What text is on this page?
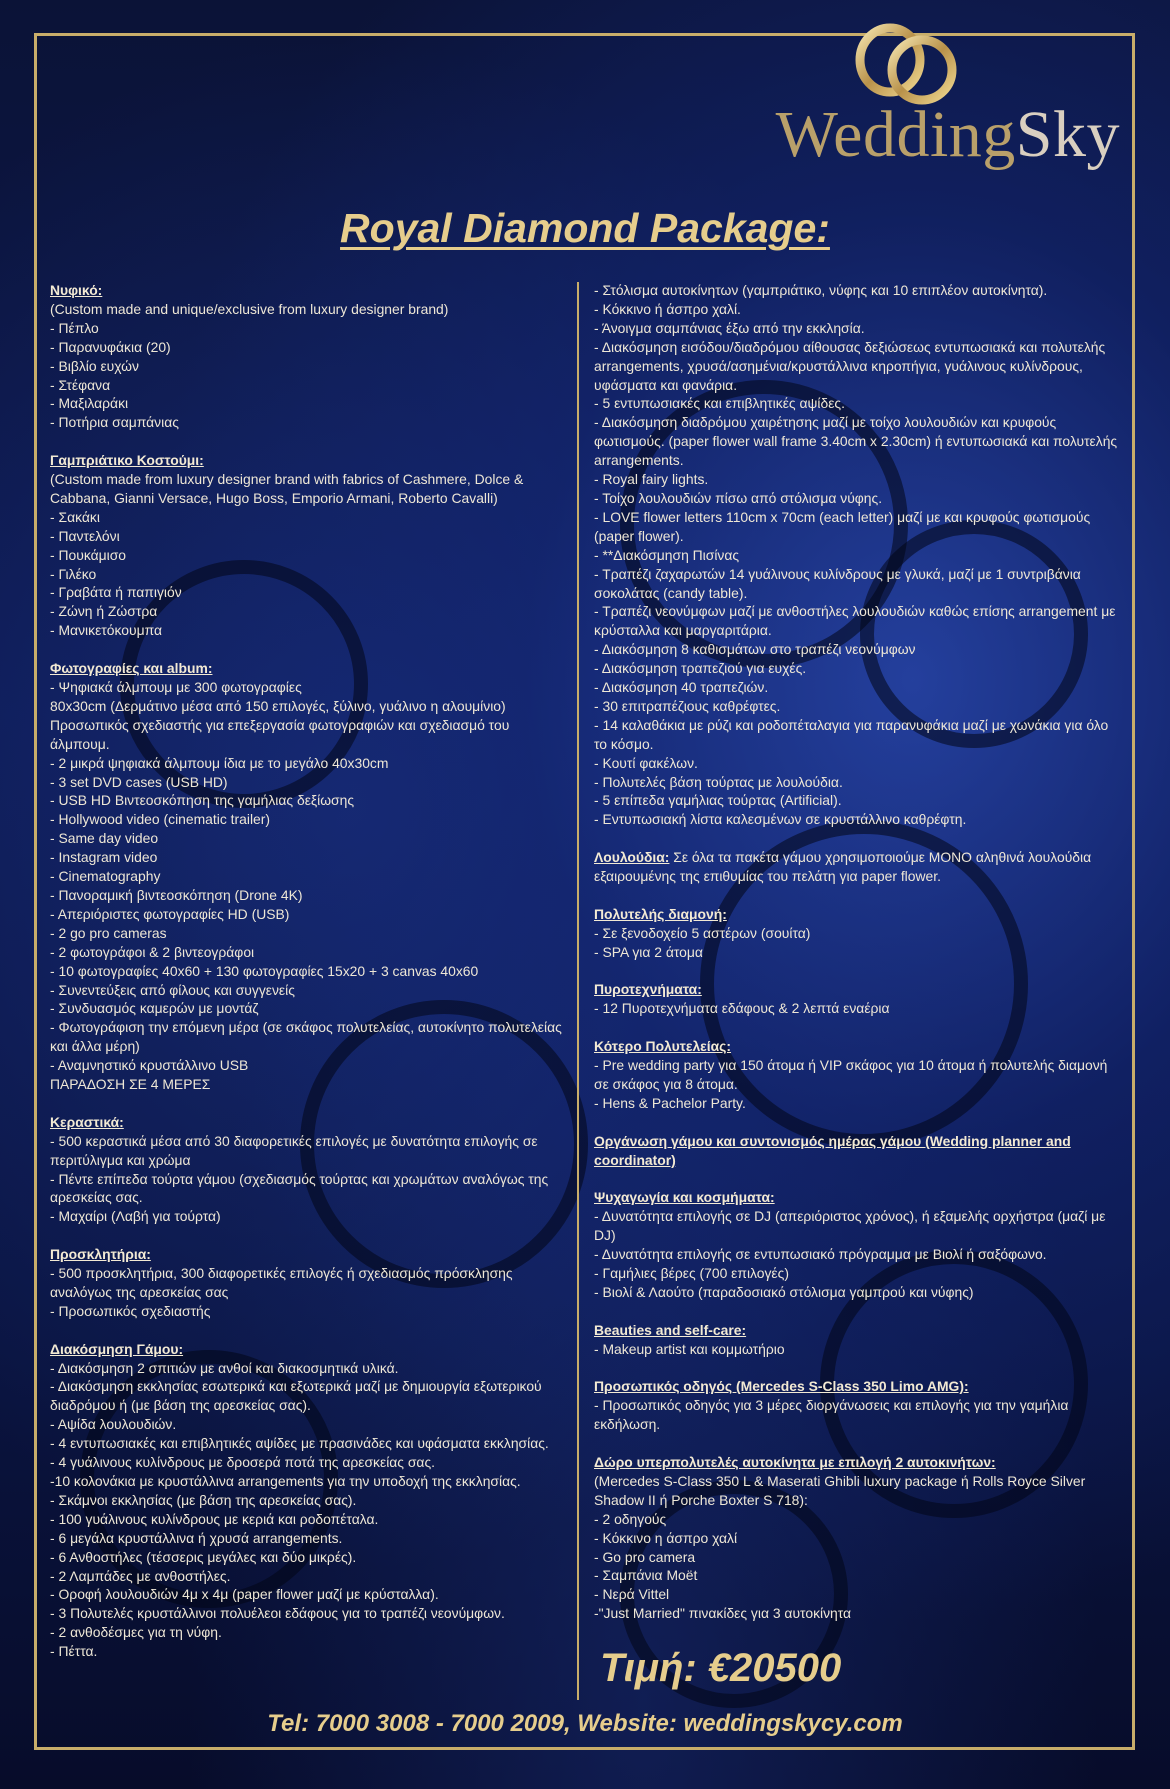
WeddingSky
Royal Diamond Package:
Νυφικό:
(Custom made and unique/exclusive from luxury designer brand)
- Πέπλο
- Παρανυφάκια (20)
- Βιβλίο ευχών
- Στέφανα
- Μαξιλαράκι
- Ποτήρια σαμπάνιας
Γαμπριάτικο Κοστούμι:
(Custom made from luxury designer brand with fabrics of Cashmere, Dolce & Cabbana, Gianni Versace, Hugo Boss, Emporio Armani, Roberto Cavalli)
- Σακάκι
- Παντελόνι
- Πουκάμισο
- Γιλέκο
- Γραβάτα ή παπιγιόν
- Ζώνη ή Ζώστρα
- Μανικετόκουμπα
Φωτογραφίες και album:
- Ψηφιακά άλμπουμ με 300 φωτογραφίες
80x30cm (Δερμάτινο μέσα από 150 επιλογές, ξύλινο, γυάλινο η αλουμίνιο)
Προσωπικός σχεδιαστής για επεξεργασία φωτογραφιών και σχεδιασμό του άλμπουμ.
- 2 μικρά ψηφιακά άλμπουμ ίδια με το μεγάλο 40x30cm
- 3 set DVD cases (USB HD)
- USB HD Βιντεοσκόπηση της γαμήλιας δεξίωσης
- Hollywood video (cinematic trailer)
- Same day video
- Instagram video
- Cinematography
- Πανοραμική βιντεοσκόπηση (Drone 4K)
- Απεριόριστες φωτογραφίες HD (USB)
- 2 go pro cameras
- 2 φωτογράφοι & 2 βιντεογράφοι
- 10 φωτογραφίες 40x60 + 130 φωτογραφίες 15x20 + 3 canvas 40x60
- Συνεντεύξεις από φίλους και συγγενείς
- Συνδυασμός καμερών με μοντάζ
- Φωτογράφιση την επόμενη μέρα (σε σκάφος πολυτελείας, αυτοκίνητο πολυτελείας και άλλα μέρη)
- Αναμνηστικό κρυστάλλινο USB
ΠΑΡΑΔΟΣΗ ΣΕ 4 ΜΕΡΕΣ
Κεραστικά:
- 500 κεραστικά μέσα από 30 διαφορετικές επιλογές με δυνατότητα επιλογής σε περιτύλιγμα και χρώμα
- Πέντε επίπεδα τούρτα γάμου (σχεδιασμός τούρτας και χρωμάτων αναλόγως της αρεσκείας σας.
- Μαχαίρι (Λαβή για τούρτα)
Προσκλητήρια:
- 500 προσκλητήρια, 300 διαφορετικές επιλογές ή σχεδιασμός πρόσκλησης αναλόγως της αρεσκείας σας
- Προσωπικός σχεδιαστής
Διακόσμηση Γάμου:
- Διακόσμηση 2 σπιτιών με ανθοί και διακοσμητικά υλικά.
- Διακόσμηση εκκλησίας εσωτερικά και εξωτερικά μαζί με δημιουργία εξωτερικού διαδρόμου ή (με βάση της αρεσκείας σας).
- Αψίδα λουλουδιών.
- 4 εντυπωσιακές και επιβλητικές αψίδες με πρασινάδες και υφάσματα εκκλησίας.
- 4 γυάλινους κυλίνδρους με δροσερά ποτά της αρεσκείας σας.
-10 κολονάκια με κρυστάλλινα arrangements για την υποδοχή της εκκλησίας.
- Σκάμνοι εκκλησίας (με βάση της αρεσκείας σας).
- 100 γυάλινους κυλίνδρους με κεριά και ροδοπέταλα.
- 6 μεγάλα κρυστάλλινα ή χρυσά arrangements.
- 6 Ανθοστήλες (τέσσερις μεγάλες και δύο μικρές).
- 2 Λαμπάδες με ανθοστήλες.
- Οροφή λουλουδιών 4μ x 4μ (paper flower μαζί με κρύσταλλα).
- 3 Πολυτελές κρυστάλλινοι πολυέλεοι εδάφους για το τραπέζι νεονύμφων.
- 2 ανθοδέσμες για τη νύφη.
- Πέττα.
- Στόλισμα αυτοκίνητων (γαμπριάτικο, νύφης και 10 επιπλέον αυτοκίνητα).
- Κόκκινο ή άσπρο χαλί.
- Άνοιγμα σαμπάνιας έξω από την εκκλησία.
- Διακόσμηση εισόδου/διαδρόμου αίθουσας δεξιώσεως εντυπωσιακά και πολυτελής arrangements, χρυσά/ασημένια/κρυστάλλινα κηροπήγια, γυάλινους κυλίνδρους, υφάσματα και φανάρια.
- 5 εντυπωσιακές και επιβλητικές αψίδες.
- Διακόσμηση διαδρόμου χαιρέτησης μαζί με τοίχο λουλουδιών και κρυφούς φωτισμούς. (paper flower wall frame 3.40cm x 2.30cm) ή εντυπωσιακά και πολυτελής arrangements.
- Royal fairy lights.
- Τοίχο λουλουδιών πίσω από στόλισμα νύφης.
- LOVE flower letters 110cm x 70cm (each letter) μαζί με και κρυφούς φωτισμούς (paper flower).
- **Διακόσμηση Πισίνας
- Τραπέζι ζαχαρωτών 14 γυάλινους κυλίνδρους με γλυκά, μαζί με 1 συντριβάνια σοκολάτας (candy table).
- Τραπέζι νεονύμφων μαζί με ανθοστήλες λουλουδιών καθώς επίσης arrangement με κρύσταλλα και μαργαριτάρια.
- Διακόσμηση 8 καθισμάτων στο τραπέζι νεονύμφων
- Διακόσμηση τραπεζιού για ευχές.
- Διακόσμηση 40 τραπεζιών.
- 30 επιτραπέζιους καθρέφτες.
- 14 καλαθάκια με ρύζι και ροδοπέταλαγια για παρανυφάκια μαζί με χωνάκια για όλο το κόσμο.
- Κουτί φακέλων.
- Πολυτελές βάση τούρτας με λουλούδια.
- 5 επίπεδα γαμήλιας τούρτας (Artificial).
- Εντυπωσιακή λίστα καλεσμένων σε κρυστάλλινο καθρέφτη.
Λουλούδια: Σε όλα τα πακέτα γάμου χρησιμοποιούμε ΜΟΝΟ αληθινά λουλούδια εξαιρουμένης της επιθυμίας του πελάτη για paper flower.
Πολυτελής διαμονή:
- Σε ξενοδοχείο 5 αστέρων (σουίτα)
- SPA για 2 άτομα
Πυροτεχνήματα:
- 12 Πυροτεχνήματα εδάφους & 2 λεπτά εναέρια
Κότερο Πολυτελείας:
- Pre wedding party για 150 άτομα ή VIP σκάφος για 10 άτομα ή πολυτελής διαμονή σε σκάφος για 8 άτομα.
- Hens & Pachelor Party.
Οργάνωση γάμου και συντονισμός ημέρας γάμου (Wedding planner and coordinator)
Ψυχαγωγία και κοσμήματα:
- Δυνατότητα επιλογής σε DJ (απεριόριστος χρόνος), ή εξαμελής ορχήστρα (μαζί με DJ)
- Δυνατότητα επιλογής σε εντυπωσιακό πρόγραμμα με Βιολί ή σαξόφωνο.
- Γαμήλιες βέρες (700 επιλογές)
- Βιολί & Λαούτο (παραδοσιακό στόλισμα γαμπρού και νύφης)
Beauties and self-care:
- Makeup artist και κομμωτήριο
Προσωπικός οδηγός (Mercedes S-Class 350 Limo AMG):
- Προσωπικός οδηγός για 3 μέρες διοργάνωσεις και επιλογής για την γαμήλια εκδήλωση.
Δώρο υπερπολυτελές αυτοκίνητα με επιλογή 2 αυτοκινήτων:
(Mercedes S-Class 350 L & Maserati Ghibli luxury package ή Rolls Royce Silver Shadow II ή Porche Boxter S 718):
- 2 οδηγούς
- Κόκκινο η άσπρο χαλί
- Go pro camera
- Σαμπάνια Moët
- Νερά Vittel
-"Just Married" πινακίδες για 3 αυτοκίνητα
Τιμή: €20500
Tel: 7000 3008 - 7000 2009, Website: weddingskycy.com
